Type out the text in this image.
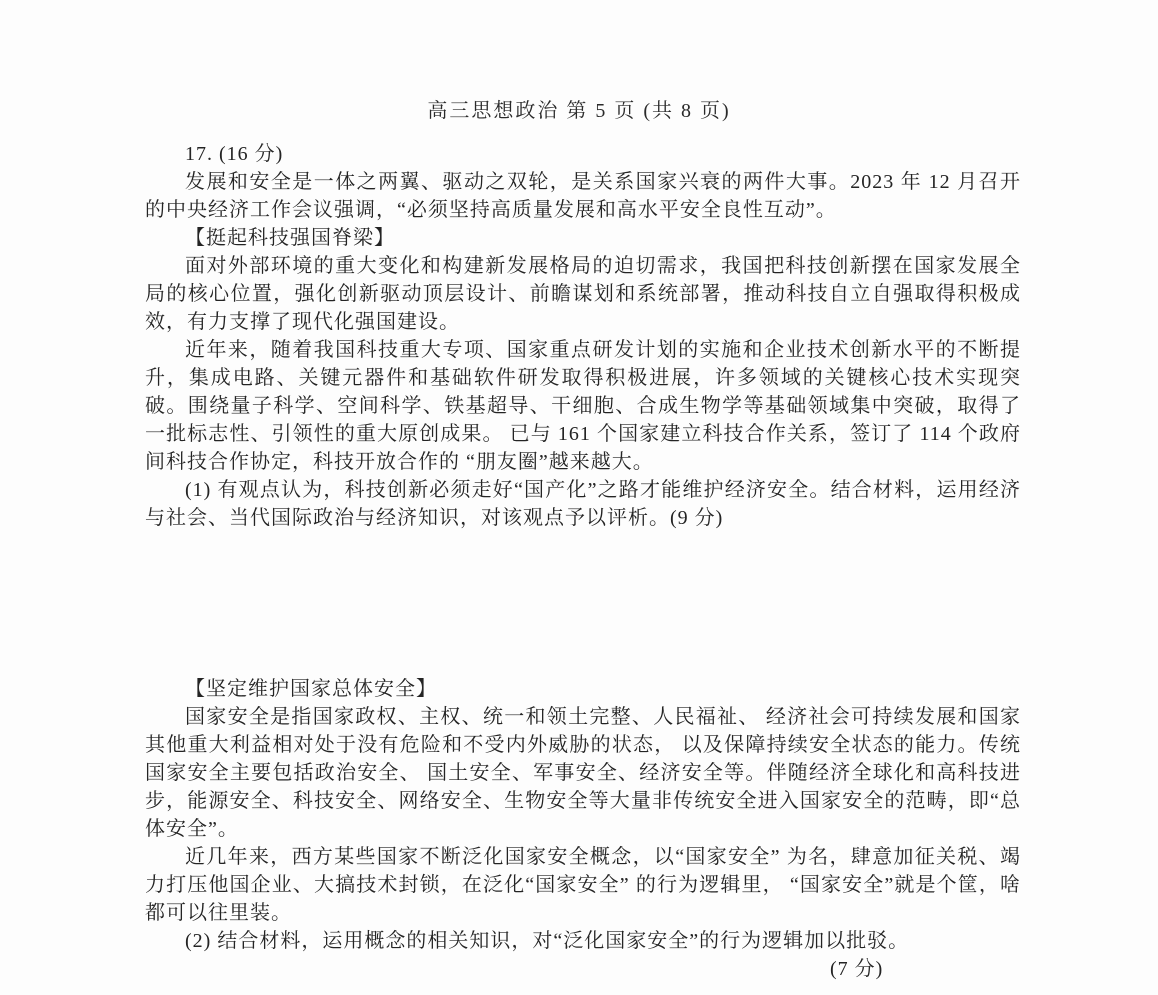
高三思想政治 第 5 页 (共 8 页)

17. (16 分)

发展和安全是一体之两翼、驱动之双轮，是关系国家兴衰的两件大事。2023 年 12 月召开的中央经济工作会议强调，“必须坚持高质量发展和高水平安全良性互动”。

【挺起科技强国脊梁】

面对外部环境的重大变化和构建新发展格局的迫切需求，我国把科技创新摆在国家发展全局的核心位置，强化创新驱动顶层设计、前瞻谋划和系统部署，推动科技自立自强取得积极成效，有力支撑了现代化强国建设。

近年来，随着我国科技重大专项、国家重点研发计划的实施和企业技术创新水平的不断提升，集成电路、关键元器件和基础软件研发取得积极进展，许多领域的关键核心技术实现突破。围绕量子科学、空间科学、铁基超导、干细胞、合成生物学等基础领域集中突破，取得了一批标志性、引领性的重大原创成果。 已与 161 个国家建立科技合作关系，签订了 114 个政府间科技合作协定，科技开放合作的 “朋友圈”越来越大。

(1) 有观点认为，科技创新必须走好“国产化”之路才能维护经济安全。结合材料，运用经济与社会、当代国际政治与经济知识，对该观点予以评析。(9 分)

【坚定维护国家总体安全】

国家安全是指国家政权、主权、统一和领土完整、人民福祉、 经济社会可持续发展和国家其他重大利益相对处于没有危险和不受内外威胁的状态， 以及保障持续安全状态的能力。传统国家安全主要包括政治安全、 国土安全、军事安全、经济安全等。伴随经济全球化和高科技进步，能源安全、科技安全、网络安全、生物安全等大量非传统安全进入国家安全的范畴，即“总体安全”。

近几年来，西方某些国家不断泛化国家安全概念，以“国家安全” 为名，肆意加征关税、竭力打压他国企业、大搞技术封锁，在泛化“国家安全” 的行为逻辑里， “国家安全”就是个筐，啥都可以往里装。

(2) 结合材料，运用概念的相关知识，对“泛化国家安全”的行为逻辑加以批驳。

(7 分)
